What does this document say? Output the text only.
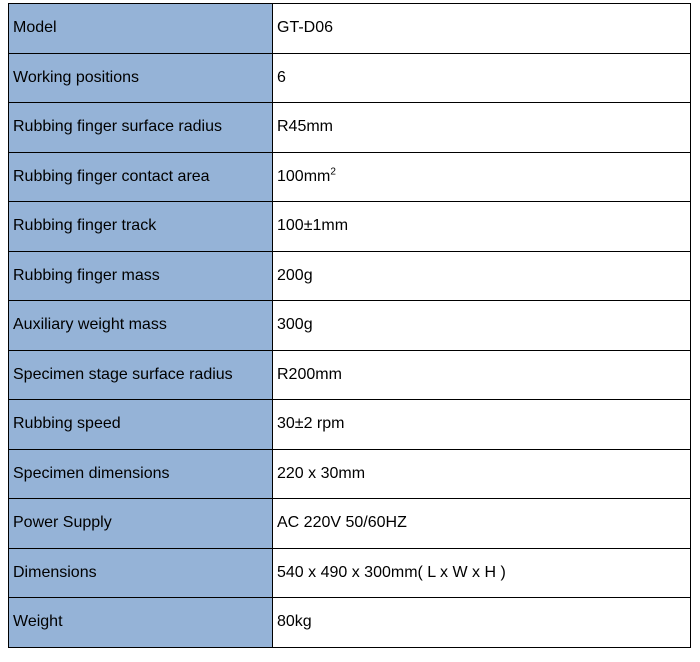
Model	GT-D06
Working positions	6
Rubbing finger surface radius	R45mm
Rubbing finger contact area	$100mm^2$
Rubbing finger track	100±1mm
Rubbing finger mass	200g
Auxiliary weight mass	300g
Specimen stage surface radius	R200mm
Rubbing speed	30±2 rpm
Specimen dimensions	220 x 30mm
Power Supply	AC 220V 50/60HZ
Dimensions	540 x 490 x 300mm( L x W x H )
Weight	80kg
